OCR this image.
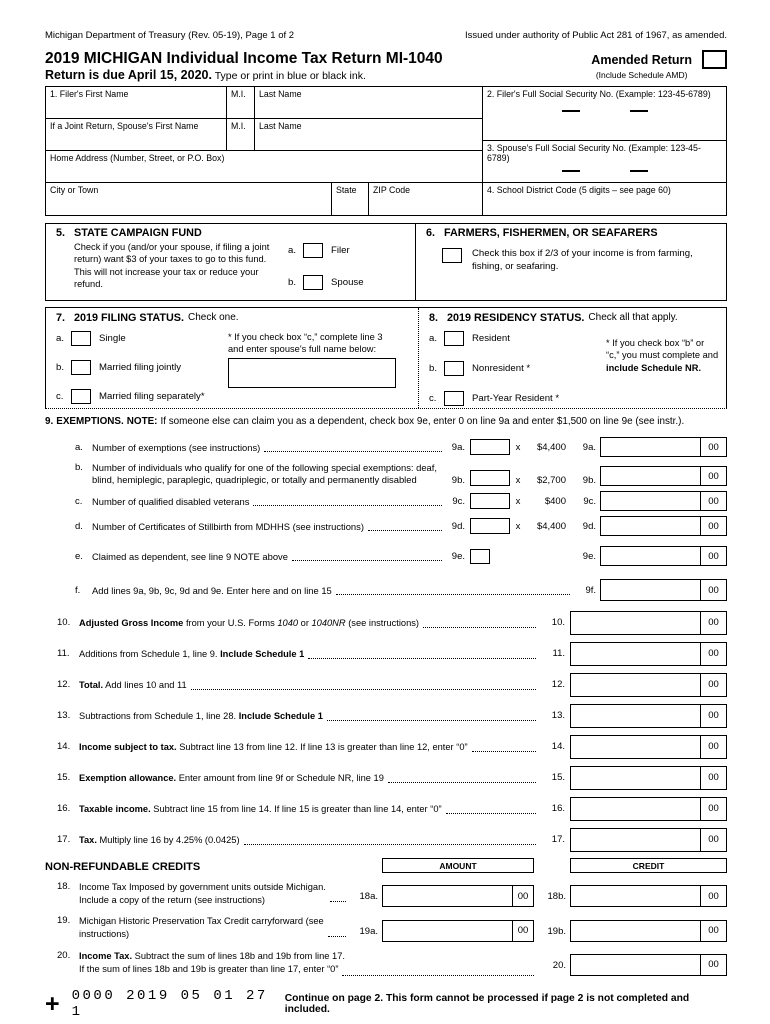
Michigan Department of Treasury (Rev. 05-19), Page 1 of 2	Issued under authority of Public Act 281 of 1967, as amended.
2019 MICHIGAN Individual Income Tax Return MI-1040
Return is due April 15, 2020. Type or print in blue or black ink.
Amended Return
(Include Schedule AMD)
1. Filer's First Name	M.I.	Last Name
If a Joint Return, Spouse's First Name	M.I.	Last Name
Home Address (Number, Street, or P.O. Box)
City or Town	State	ZIP Code
2. Filer's Full Social Security No. (Example: 123-45-6789)
3. Spouse's Full Social Security No. (Example: 123-45-6789)
4. School District Code (5 digits – see page 60)
5. STATE CAMPAIGN FUND

Check if you (and/or your spouse, if filing a joint return) want $3 of your taxes to go to this fund. This will not increase your tax or reduce your refund.

a.	Filer
b.	Spouse
6. FARMERS, FISHERMEN, OR SEAFARERS

Check this box if 2/3 of your income is from farming, fishing, or seafaring.

7. 2019 FILING STATUS. Check one.
a.	Single
b.	Married filing jointly
c.	Married filing separately*

* If you check box “c,” complete line 3 and enter spouse's full name below:

8. 2019 RESIDENCY STATUS. Check all that apply.
a.	Resident
b.	Nonresident *
c.	Part-Year Resident *

* If you check box “b” or “c,” you must complete and include Schedule NR.

9. EXEMPTIONS. NOTE: If someone else can claim you as a dependent, check box 9e, enter 0 on line 9a and enter $1,500 on line 9e (see instr.).
a. Number of exemptions (see instructions)	9a.	x	$4,400	9a.	00
b. Number of individuals who qualify for one of the following special exemptions: deaf, blind, hemiplegic, paraplegic, quadriplegic, or totally and permanently disabled	9b.	x	$2,700	9b.	00
c.	Number of qualified disabled veterans	9c.	x	$400	9c.	00
d. Number of Certificates of Stillbirth from MDHHS (see instructions)	9d.	x	$4,400	9d.	00
e. Claimed as dependent, see line 9 NOTE above	9e.	9e.	00
f.	Add lines 9a, 9b, 9c, 9d and 9e. Enter here and on line 15	9f.	00
10. Adjusted Gross Income from your U.S. Forms 1040 or 1040NR (see instructions)	10.	00
11.	Additions from Schedule 1, line 9. Include Schedule 1	11.	00
12. Total. Add lines 10 and 11	12.	00
13. Subtractions from Schedule 1, line 28. Include Schedule 1	13.	00
14. Income subject to tax. Subtract line 13 from line 12. If line 13 is greater than line 12, enter “0”	14.	00
15. Exemption allowance. Enter amount from line 9f or Schedule NR, line 19	15.	00
16. Taxable income. Subtract line 15 from line 14. If line 15 is greater than line 14, enter “0”	16.	00
17. Tax. Multiply line 16 by 4.25% (0.0425)	17.	00
NON-REFUNDABLE CREDITS	AMOUNT	CREDIT
18. Income Tax Imposed by government units outside Michigan.
Include a copy of the return (see instructions)	18a.	00	18b.	00
19. Michigan Historic Preservation Tax Credit carryforward (see
instructions)	19a.	00	19b.	00
20. Income Tax. Subtract the sum of lines 18b and 19b from line 17.
If the sum of lines 18b and 19b is greater than line 17, enter “0”	20.	00
+ 0000 2019 05 01 27 1
Continue on page 2. This form cannot be processed if page 2 is not completed and included.
